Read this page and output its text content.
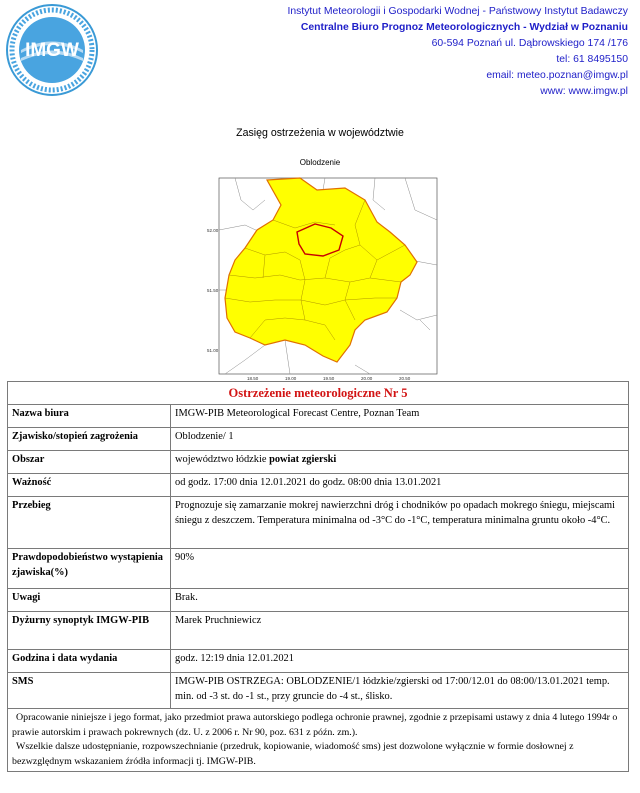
IMGW
Instytut Meteorologii i Gospodarki Wodnej - Państwowy Instytut Badawczy
Centralne Biuro Prognoz Meteorologicznych - Wydział w Poznaniu
60-594 Poznań ul. Dąbrowskiego 174 /176
tel: 61 8495150
email: meteo.poznan@imgw.pl
www: www.imgw.pl
Zasięg ostrzeżenia w województwie
Oblodzenie
52.00
51.50
51.00
18.50	19.00	19.50	20.00	20.50
Ostrzeżenie meteorologiczne Nr 5	
Nazwa biura	IMGW-PIB Meteorological Forecast Centre, Poznan Team
Zjawisko/stopień zagrożenia	Oblodzenie/ 1
Obszar	województwo łódzkie powiat zgierski
Ważność	od godz. 17:00 dnia 12.01.2021 do godz. 08:00 dnia 13.01.2021
Przebieg	Prognozuje się zamarzanie mokrej nawierzchni dróg i chodników po opadach mokrego śniegu, miejscami śniegu z deszczem. Temperatura minimalna od -3°C do -1°C, temperatura minimalna gruntu około -4°C.
Prawdopodobieństwo wystąpienia zjawiska(%)	90%
Uwagi	Brak.
Dyżurny synoptyk IMGW-PIB	Marek Pruchniewicz
Godzina i data wydania	godz. 12:19 dnia 12.01.2021
SMS	IMGW-PIB OSTRZEGA: OBLODZENIE/1 łódzkie/zgierski od 17:00/12.01 do 08:00/13.01.2021 temp. min. od -3 st. do -1 st., przy gruncie do -4 st., ślisko.

Opracowanie niniejsze i jego format, jako przedmiot prawa autorskiego podlega ochronie prawnej, zgodnie z przepisami ustawy z dnia 4 lutego 1994r o prawie autorskim i prawach pokrewnych (dz. U. z 2006 r. Nr 90, poz. 631 z późn. zm.).
Wszelkie dalsze udostępnianie, rozpowszechnianie (przedruk, kopiowanie, wiadomość sms) jest dozwolone wyłącznie w formie dosłownej z bezwzględnym wskazaniem źródła informacji tj. IMGW-PIB.	
